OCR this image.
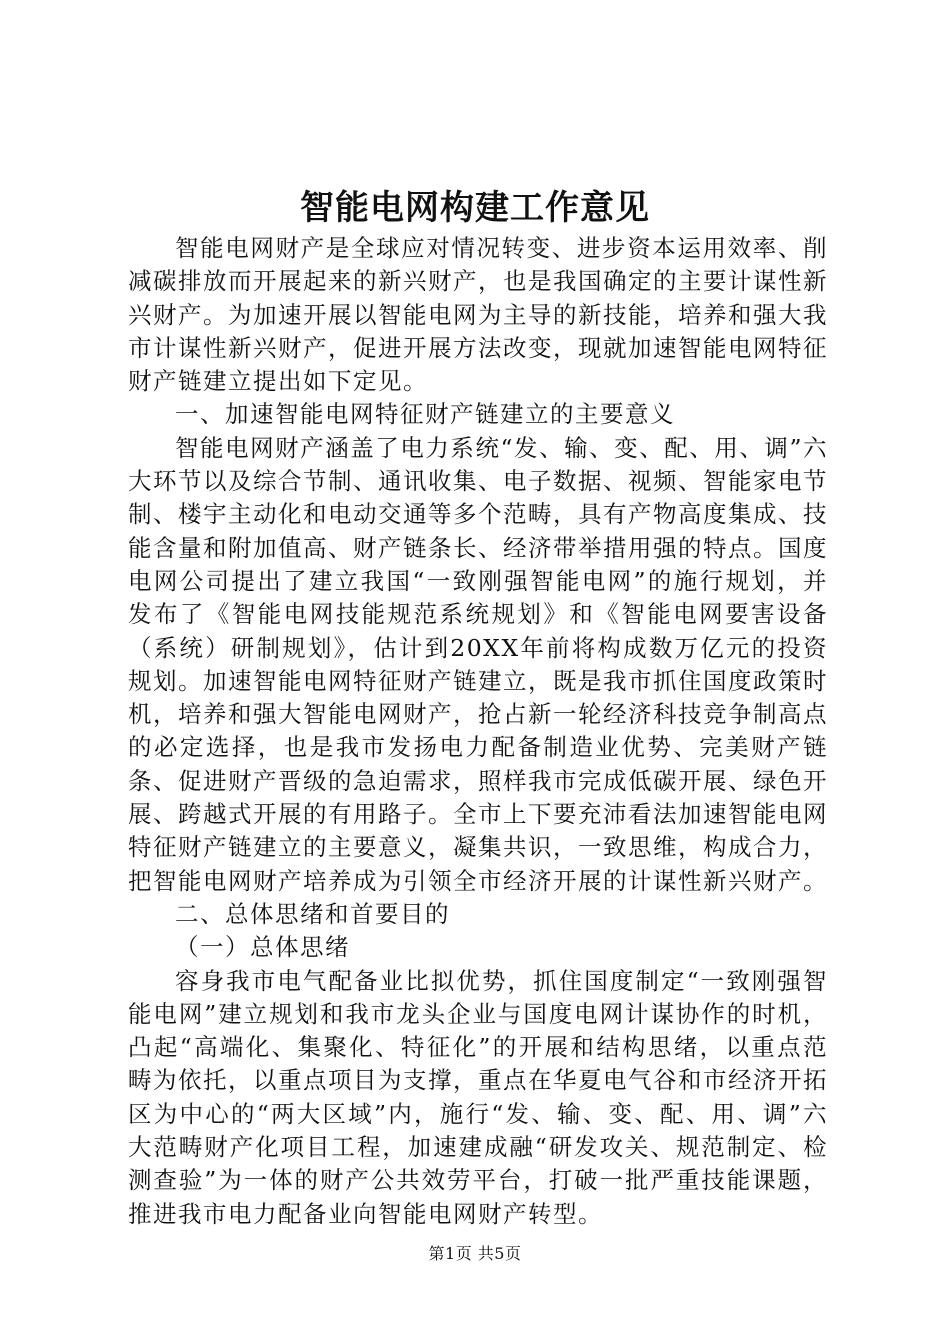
智能电网构建工作意见

智能电网财产是全球应对情况转变、进步资本运用效率、削减碳排放而开展起来的新兴财产，也是我国确定的主要计谋性新兴财产。为加速开展以智能电网为主导的新技能，培养和强大我市计谋性新兴财产，促进开展方法改变，现就加速智能电网特征财产链建立提出如下定见。

一、加速智能电网特征财产链建立的主要意义

智能电网财产涵盖了电力系统“发、输、变、配、用、调”六大环节以及综合节制、通讯收集、电子数据、视频、智能家电节制、楼宇主动化和电动交通等多个范畴，具有产物高度集成、技能含量和附加值高、财产链条长、经济带举措用强的特点。国度电网公司提出了建立我国“一致刚强智能电网”的施行规划，并发布了《智能电网技能规范系统规划》和《智能电网要害设备（系统）研制规划》，估计到20XX年前将构成数万亿元的投资规划。加速智能电网特征财产链建立，既是我市抓住国度政策时机，培养和强大智能电网财产，抢占新一轮经济科技竞争制高点的必定选择，也是我市发扬电力配备制造业优势、完美财产链条、促进财产晋级的急迫需求，照样我市完成低碳开展、绿色开展、跨越式开展的有用路子。全市上下要充沛看法加速智能电网特征财产链建立的主要意义，凝集共识，一致思维，构成合力，把智能电网财产培养成为引领全市经济开展的计谋性新兴财产。

二、总体思绪和首要目的

（一）总体思绪

容身我市电气配备业比拟优势，抓住国度制定“一致刚强智能电网”建立规划和我市龙头企业与国度电网计谋协作的时机，凸起“高端化、集聚化、特征化”的开展和结构思绪，以重点范畴为依托，以重点项目为支撑，重点在华夏电气谷和市经济开拓区为中心的“两大区域”内，施行“发、输、变、配、用、调”六大范畴财产化项目工程，加速建成融“研发攻关、规范制定、检测查验”为一体的财产公共效劳平台，打破一批严重技能课题，推进我市电力配备业向智能电网财产转型。

第1页 共5页
